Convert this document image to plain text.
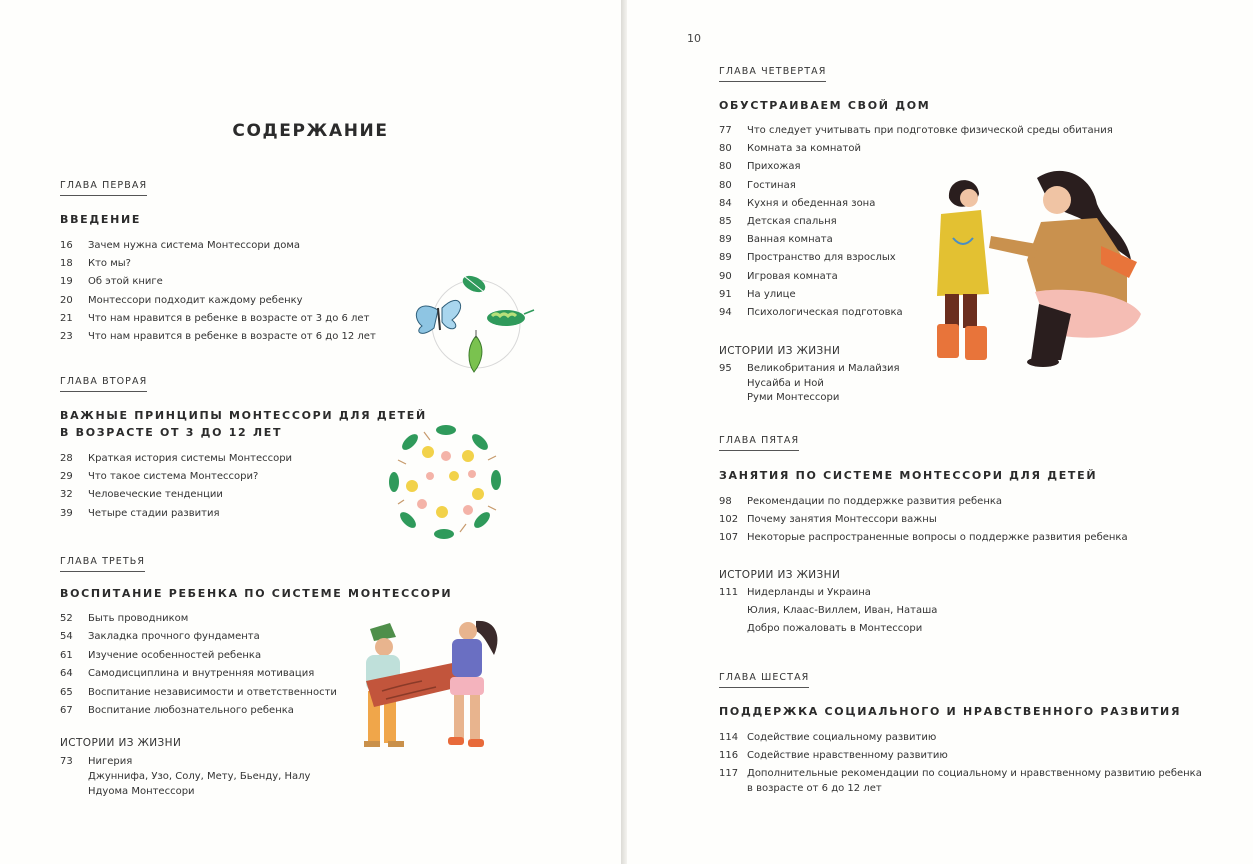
СОДЕРЖАНИЕ
ГЛАВА ПЕРВАЯ
ВВЕДЕНИЕ
16 Зачем нужна система Монтессори дома
18 Кто мы?
19 Об этой книге
20 Монтессори подходит каждому ребенку
21 Что нам нравится в ребенке в возрасте от 3 до 6 лет
23 Что нам нравится в ребенке в возрасте от 6 до 12 лет
ГЛАВА ВТОРАЯ
ВАЖНЫЕ ПРИНЦИПЫ МОНТЕССОРИ ДЛЯ ДЕТЕЙ
В ВОЗРАСТЕ ОТ 3 ДО 12 ЛЕТ
28 Краткая история системы Монтессори
29 Что такое система Монтессори?
32 Человеческие тенденции
39 Четыре стадии развития
ГЛАВА ТРЕТЬЯ
ВОСПИТАНИЕ РЕБЕНКА ПО СИСТЕМЕ МОНТЕССОРИ
52 Быть проводником
54 Закладка прочного фундамента
61 Изучение особенностей ребенка
64 Самодисциплина и внутренняя мотивация
65 Воспитание независимости и ответственности
67 Воспитание любознательного ребенка
ИСТОРИИ ИЗ ЖИЗНИ
73 Нигерия
Джуннифа, Узо, Солу, Мету, Бьенду, Налу
Ндуома Монтессори
10
ГЛАВА ЧЕТВЕРТАЯ
ОБУСТРАИВАЕМ СВОЙ ДОМ
77 Что следует учитывать при подготовке физической среды обитания
80 Комната за комнатой
80 Прихожая
80 Гостиная
84 Кухня и обеденная зона
85 Детская спальня
89 Ванная комната
89 Пространство для взрослых
90 Игровая комната
91 На улице
94 Психологическая подготовка
ИСТОРИИ ИЗ ЖИЗНИ
95 Великобритания и Малайзия
Нусайба и Ной
Руми Монтессори
ГЛАВА ПЯТАЯ
ЗАНЯТИЯ ПО СИСТЕМЕ МОНТЕССОРИ ДЛЯ ДЕТЕЙ
98 Рекомендации по поддержке развития ребенка
102 Почему занятия Монтессори важны
107 Некоторые распространенные вопросы о поддержке развития ребенка
ИСТОРИИ ИЗ ЖИЗНИ
111 Нидерланды и Украина
Юлия, Клаас-Виллем, Иван, Наташа
Добро пожаловать в Монтессори
ГЛАВА ШЕСТАЯ
ПОДДЕРЖКА СОЦИАЛЬНОГО И НРАВСТВЕННОГО РАЗВИТИЯ
114 Содействие социальному развитию
116 Содействие нравственному развитию
117 Дополнительные рекомендации по социальному и нравственному развитию ребенка
в возрасте от 6 до 12 лет
